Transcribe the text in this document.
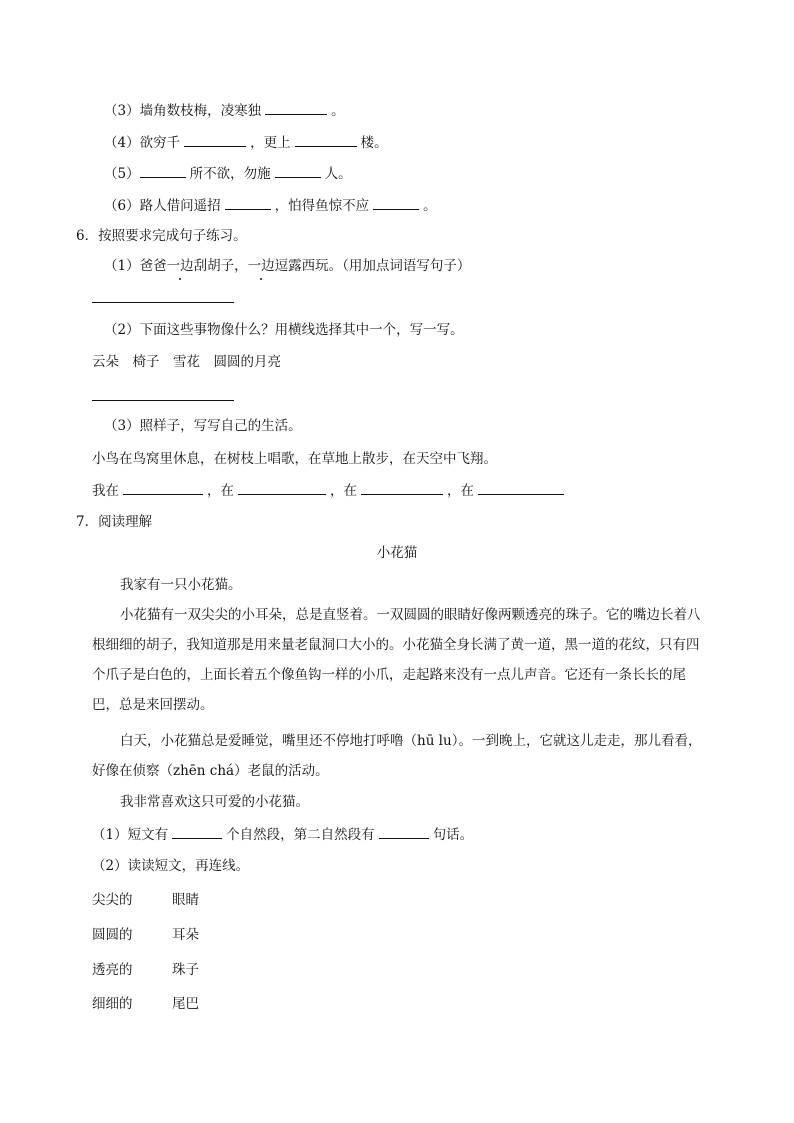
（3）墙角数枝梅，凌寒独	。
（4）欲穷千	，更上	楼。
（5）	所不欲，勿施	人。
（6）路人借问遥招	，怕得鱼惊不应	。
6．按照要求完成句子练习。
（1）爸爸一边刮胡子，一边逗露西玩。（用加点词语写句子）
（2）下面这些事物像什么？用横线选择其中一个，写一写。
云朵　椅子　雪花　圆圆的月亮
（3）照样子，写写自己的生活。
小鸟在鸟窝里休息，在树枝上唱歌，在草地上散步，在天空中飞翔。
我在	，在	，在	，在
7．阅读理解
小花猫
我家有一只小花猫。
小花猫有一双尖尖的小耳朵，总是直竖着。一双圆圆的眼睛好像两颗透亮的珠子。它的嘴边长着八根细细的胡子，我知道那是用来量老鼠洞口大小的。小花猫全身长满了黄一道，黑一道的花纹，只有四个爪子是白色的，上面长着五个像鱼钩一样的小爪，走起路来没有一点儿声音。它还有一条长长的尾巴，总是来回摆动。
白天，小花猫总是爱睡觉，嘴里还不停地打呼噜（hū lu）。一到晚上，它就这儿走走，那儿看看，好像在侦察（zhēn chá）老鼠的活动。
我非常喜欢这只可爱的小花猫。
（1）短文有	个自然段，第二自然段有	句话。
（2）读读短文，再连线。
尖尖的	眼睛
圆圆的	耳朵
透亮的	珠子
细细的	尾巴
